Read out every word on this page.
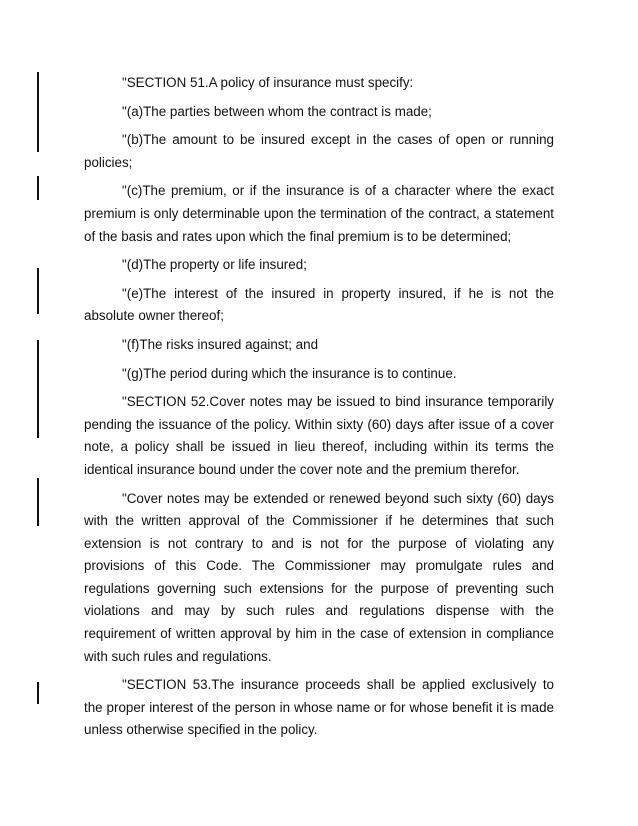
"SECTION 51.A policy of insurance must specify:

"(a)The parties between whom the contract is made;

"(b)The amount to be insured except in the cases of open or running policies;

"(c)The premium, or if the insurance is of a character where the exact premium is only determinable upon the termination of the contract, a statement of the basis and rates upon which the final premium is to be determined;

"(d)The property or life insured;

"(e)The interest of the insured in property insured, if he is not the absolute owner thereof;

"(f)The risks insured against; and

"(g)The period during which the insurance is to continue.

"SECTION 52.Cover notes may be issued to bind insurance temporarily pending the issuance of the policy. Within sixty (60) days after issue of a cover note, a policy shall be issued in lieu thereof, including within its terms the identical insurance bound under the cover note and the premium therefor.

"Cover notes may be extended or renewed beyond such sixty (60) days with the written approval of the Commissioner if he determines that such extension is not contrary to and is not for the purpose of violating any provisions of this Code. The Commissioner may promulgate rules and regulations governing such extensions for the purpose of preventing such violations and may by such rules and regulations dispense with the requirement of written approval by him in the case of extension in compliance with such rules and regulations.

"SECTION 53.The insurance proceeds shall be applied exclusively to the proper interest of the person in whose name or for whose benefit it is made unless otherwise specified in the policy.
